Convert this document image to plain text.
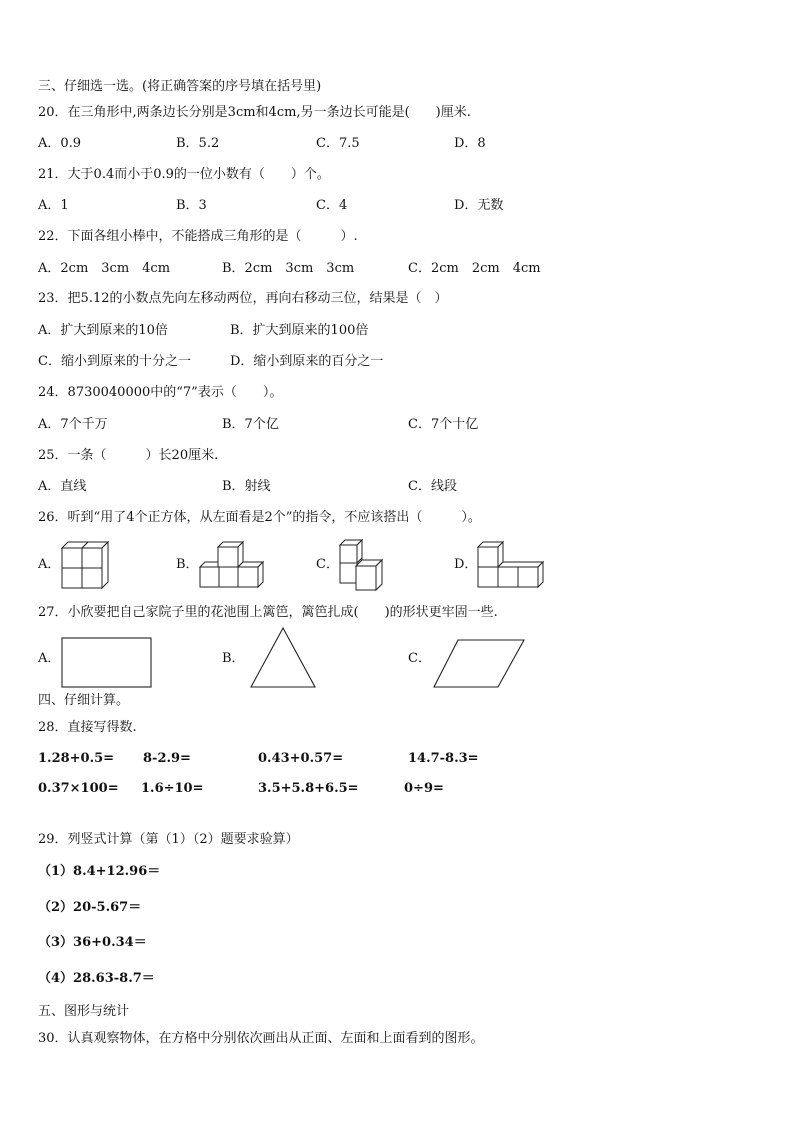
三、仔细选一选。(将正确答案的序号填在括号里)
20．在三角形中,两条边长分别是3cm和4cm,另一条边长可能是(　　)厘米.
A．0.9	B．5.2	C．7.5	D．8
21．大于0.4而小于0.9的一位小数有（　　）个。
A．1	B．3	C．4	D．无数
22．下面各组小棒中，不能搭成三角形的是（　　　）.
A．2cm　3cm　4cm	B．2cm　3cm　3cm	C．2cm　2cm　4cm
23．把5.12的小数点先向左移动两位，再向右移动三位，结果是（　）
A．扩大到原来的10倍	B．扩大到原来的100倍
C．缩小到原来的十分之一	D．缩小到原来的百分之一
24．8730040000中的“7”表示（　　）。
A．7个千万	B．7个亿	C．7个十亿
25．一条（　　　）长20厘米.
A．直线	B．射线	C．线段
26．听到“用了4个正方体，从左面看是2个”的指令，不应该搭出（　　　）。
A．	B．	C．	D．
27．小欣要把自己家院子里的花池围上篱笆，篱笆扎成(　　)的形状更牢固一些.
A．	B．	C．
四、仔细计算。
28．直接写得数.
1.28+0.5= 8-2.9=	0.43+0.57=	14.7-8.3=
0.37×100= 1.6÷10=	3.5+5.8+6.5=	0÷9=
29．列竖式计算（第（1）（2）题要求验算）
（1）8.4+12.96＝
（2）20-5.67＝
（3）36+0.34＝
（4）28.63-8.7＝
五、图形与统计
30．认真观察物体，在方格中分别依次画出从正面、左面和上面看到的图形。
